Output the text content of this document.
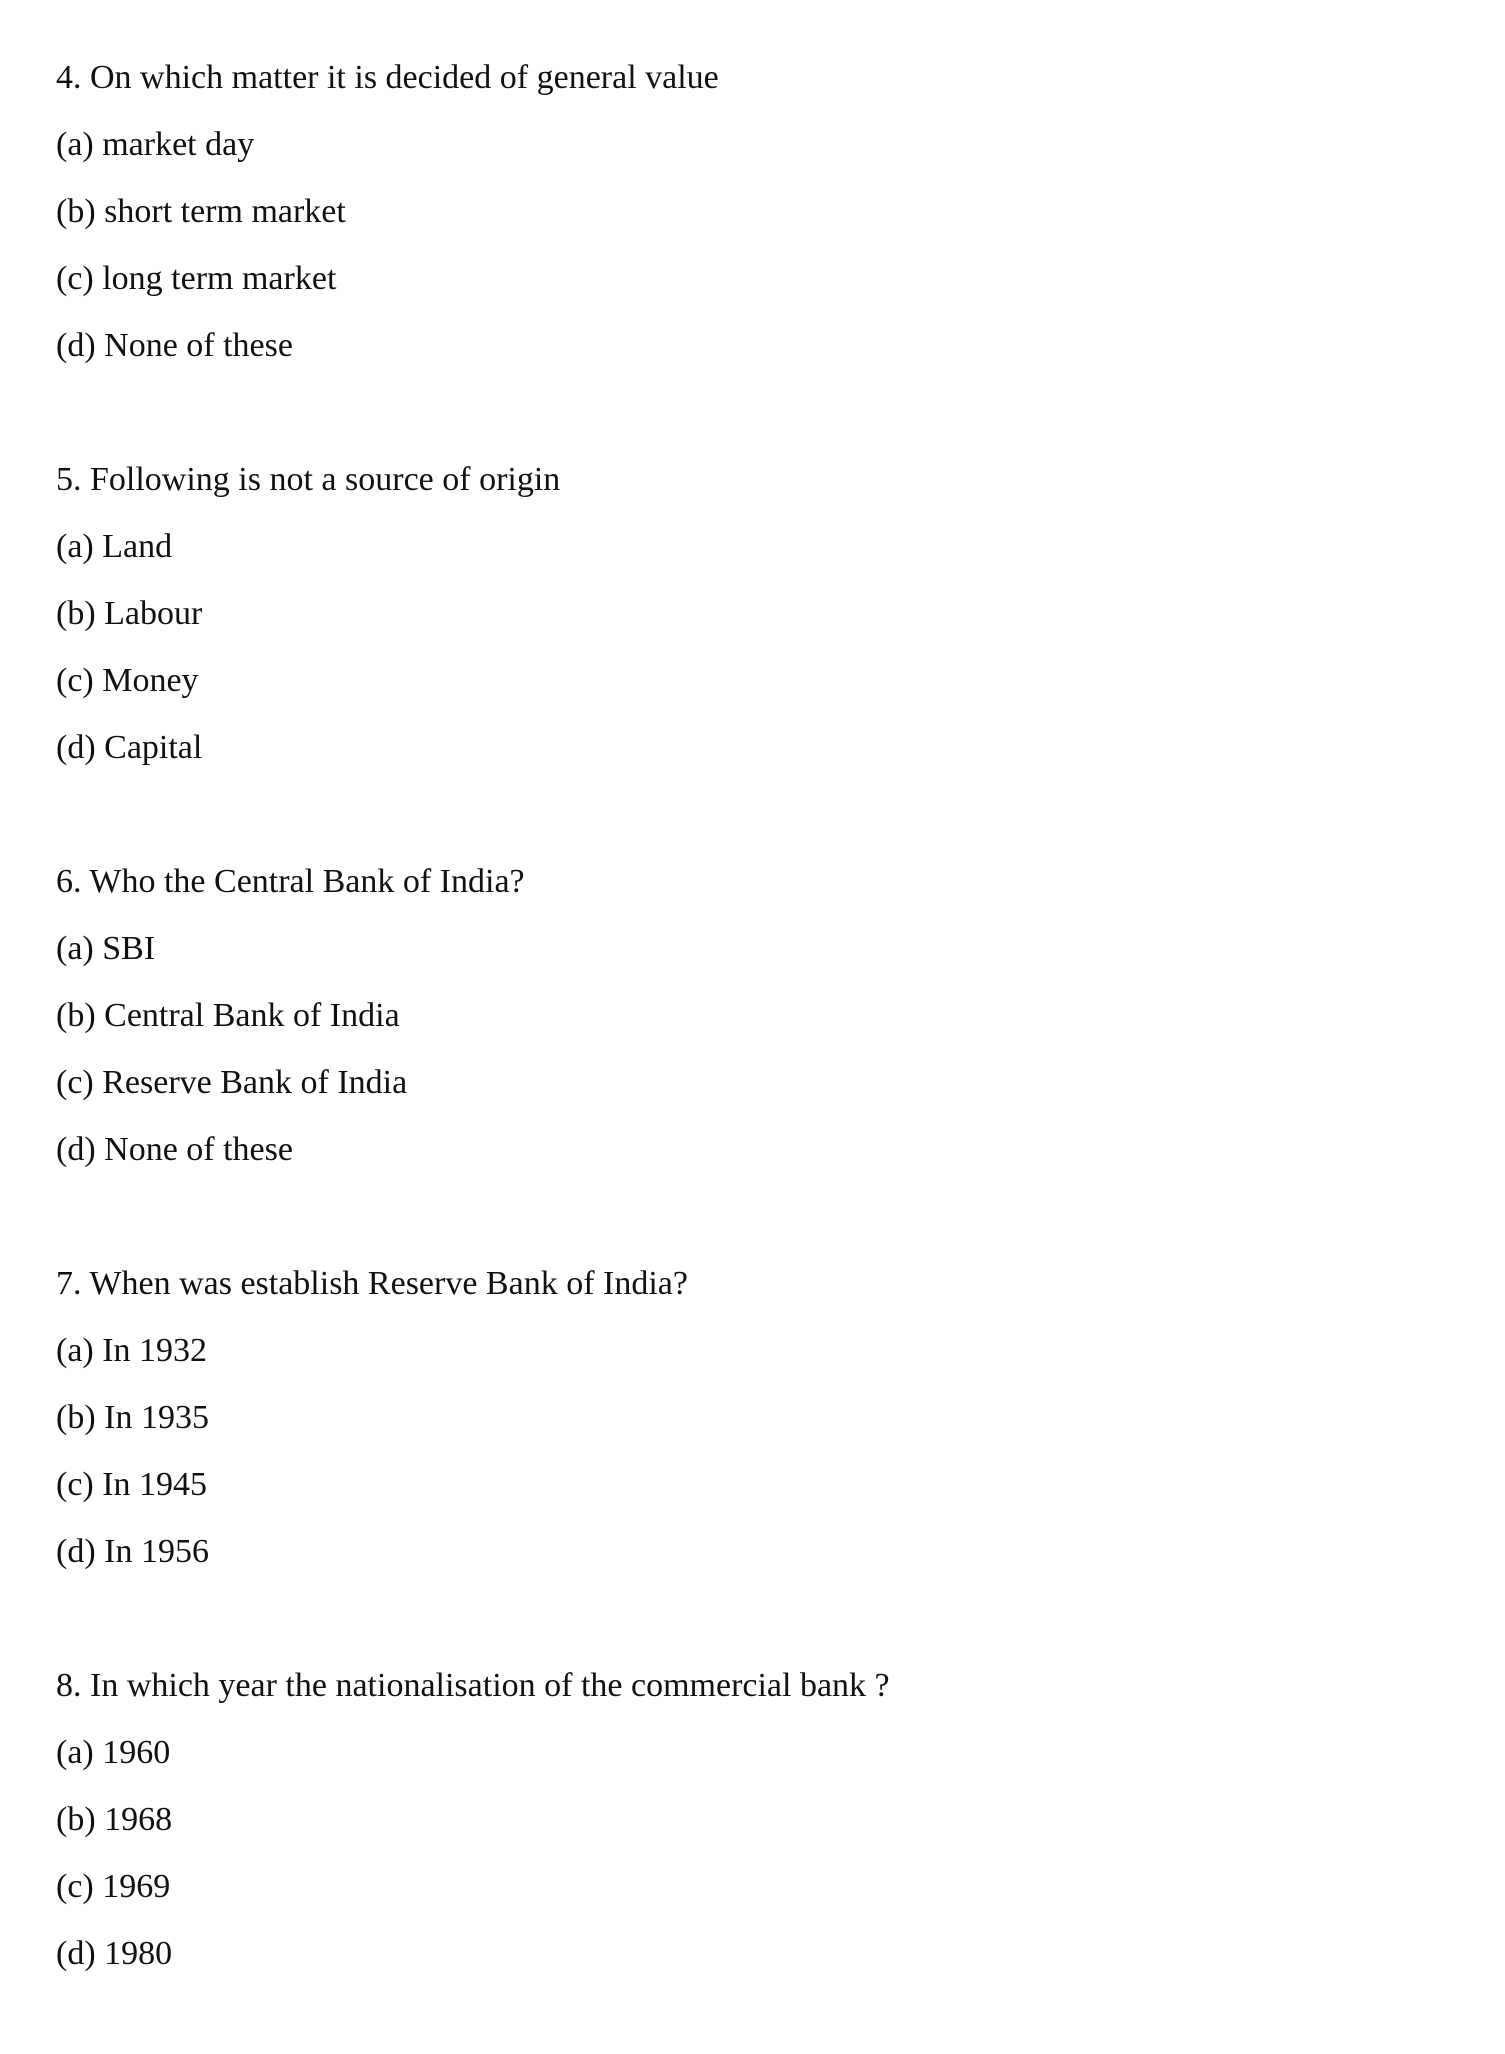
4. On which matter it is decided of general value
(a) market day
(b) short term market
(c) long term market
(d) None of these
5. Following is not a source of origin
(a) Land
(b) Labour
(c) Money
(d) Capital
6. Who the Central Bank of India?
(a) SBI
(b) Central Bank of India
(c) Reserve Bank of India
(d) None of these
7. When was establish Reserve Bank of India?
(a) In 1932
(b) In 1935
(c) In 1945
(d) In 1956
8. In which year the nationalisation of the commercial bank ?
(a) 1960
(b) 1968
(c) 1969
(d) 1980
